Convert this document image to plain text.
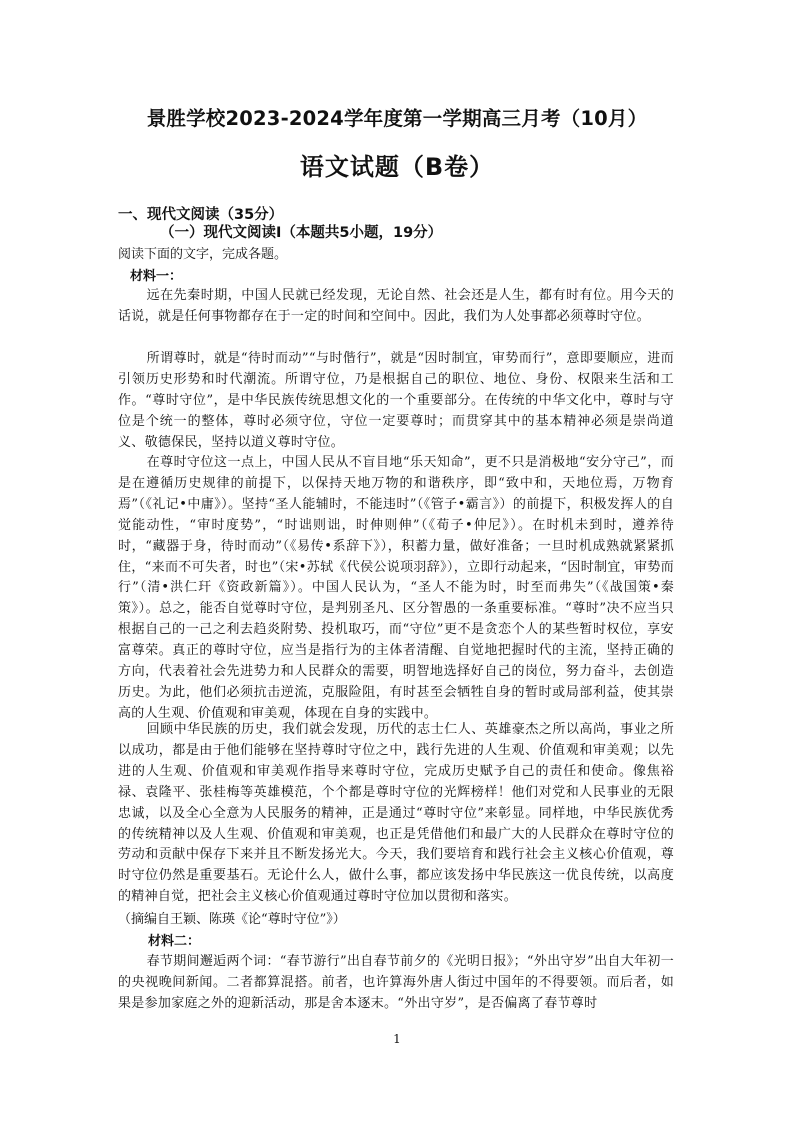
景胜学校2023-2024学年度第一学期高三月考（10月）
语文试题（B卷）
一、现代文阅读（35分）
（一）现代文阅读Ⅰ（本题共5小题，19分）
阅读下面的文字，完成各题。
材料一：

远在先秦时期，中国人民就已经发现，无论自然、社会还是人生，都有时有位。用今天的话说，就是任何事物都存在于一定的时间和空间中。因此，我们为人处事都必须尊时守位。

所谓尊时，就是“待时而动”“与时偕行”，就是“因时制宜，审势而行”，意即要顺应，进而引领历史形势和时代潮流。所谓守位，乃是根据自己的职位、地位、身份、权限来生活和工作。“尊时守位”，是中华民族传统思想文化的一个重要部分。在传统的中华文化中，尊时与守位是个统一的整体，尊时必须守位，守位一定要尊时；而贯穿其中的基本精神必须是崇尚道义、敬德保民，坚持以道义尊时守位。

在尊时守位这一点上，中国人民从不盲目地“乐天知命”，更不只是消极地“安分守己”，而是在遵循历史规律的前提下，以保持天地万物的和谐秩序，即“致中和，天地位焉，万物育焉”（《礼记•中庸》）。坚持“圣人能辅时，不能违时”（《管子•霸言》）的前提下，积极发挥人的自觉能动性，“审时度势”，“时诎则诎，时伸则伸”（《荀子•仲尼》）。在时机未到时，遵养待时，“藏器于身，待时而动”（《易传•系辞下》），积蓄力量，做好准备；一旦时机成熟就紧紧抓住，“来而不可失者，时也”（宋•苏轼《代侯公说项羽辞》），立即行动起来，“因时制宜，审势而行”（清•洪仁玕《资政新篇》）。中国人民认为，“圣人不能为时，时至而弗失”（《战国策•秦策》）。总之，能否自觉尊时守位，是判别圣凡、区分智愚的一条重要标准。“尊时”决不应当只根据自己的一己之利去趋炎附势、投机取巧，而“守位”更不是贪恋个人的某些暂时权位，享安富尊荣。真正的尊时守位，应当是指行为的主体者清醒、自觉地把握时代的主流，坚持正确的方向，代表着社会先进势力和人民群众的需要，明智地选择好自己的岗位，努力奋斗，去创造历史。为此，他们必须抗击逆流，克服险阻，有时甚至会牺牲自身的暂时或局部利益，使其崇高的人生观、价值观和审美观，体现在自身的实践中。

回顾中华民族的历史，我们就会发现，历代的志士仁人、英雄豪杰之所以高尚，事业之所以成功，都是由于他们能够在坚持尊时守位之中，践行先进的人生观、价值观和审美观；以先进的人生观、价值观和审美观作指导来尊时守位，完成历史赋予自己的责任和使命。像焦裕禄、袁隆平、张桂梅等英雄模范，个个都是尊时守位的光辉榜样！他们对党和人民事业的无限忠诚，以及全心全意为人民服务的精神，正是通过“尊时守位”来彰显。同样地，中华民族优秀的传统精神以及人生观、价值观和审美观，也正是凭借他们和最广大的人民群众在尊时守位的劳动和贡献中保存下来并且不断发扬光大。今天，我们要培育和践行社会主义核心价值观，尊时守位仍然是重要基石。无论什么人，做什么事，都应该发扬中华民族这一优良传统，以高度的精神自觉，把社会主义核心价值观通过尊时守位加以贯彻和落实。

（摘编自王颖、陈瑛《论“尊时守位”》）
材料二：

春节期间邂逅两个词：“春节游行”出自春节前夕的《光明日报》；“外出守岁”出自大年初一的央视晚间新闻。二者都算混搭。前者，也许算海外唐人街过中国年的不得要领。而后者，如果是参加家庭之外的迎新活动，那是舍本逐末。“外出守岁”，是否偏离了春节尊时

1
